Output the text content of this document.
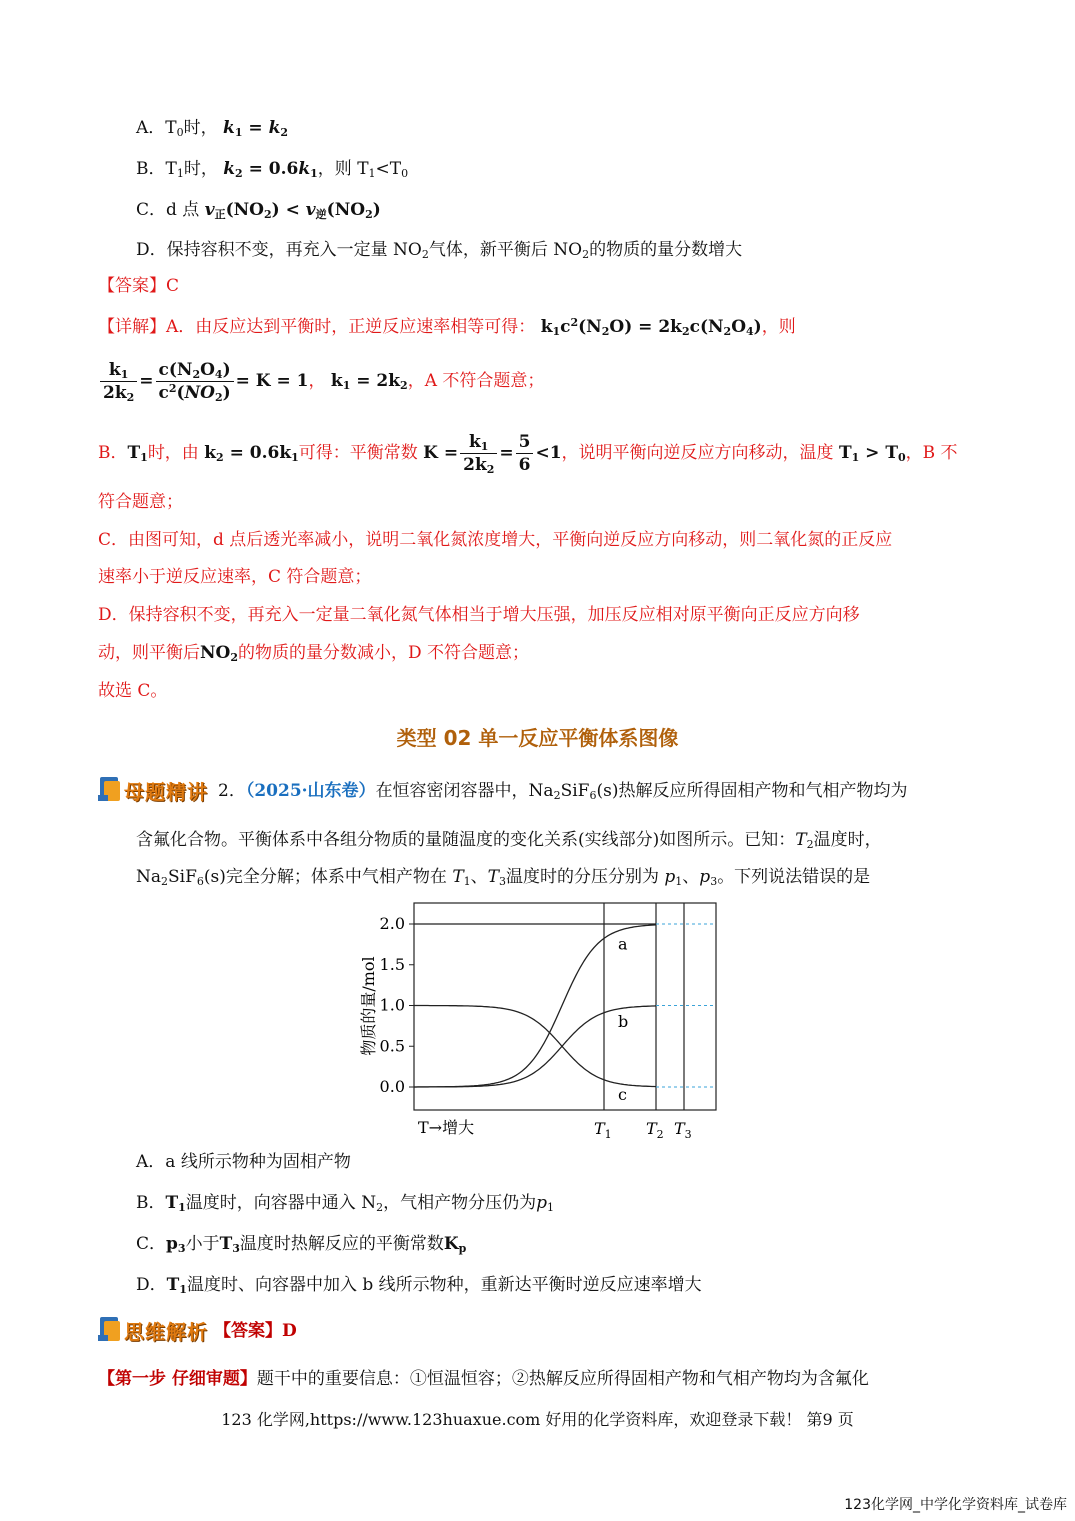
A．$T_0$时， $k_1 = k_2$
B．$T_1$时， $k_2 = 0.6k_1$，则 $T_1<T_0$
C．d 点 $v_正(NO_2) < v_逆(NO_2)$
D．保持容积不变，再充入一定量 $NO_2$气体，新平衡后 $NO_2$的物质的量分数增大
【答案】C
【详解】A．由反应达到平衡时，正逆反应速率相等可得： $k_1c^2(N_2O) = 2k_2c(N_2O_4)$，则
$\frac{k_1}{2k_2} = \frac{c(N_2O_4)}{c^2(NO_2)} = K = 1$， $k_1 = 2k_2$，A 不符合题意；
B．$T_1$时，由 $k_2 = 0.6k_1$可得：平衡常数 $K = \frac{k_1}{2k_2} = \frac{5}{6} <1$，说明平衡向逆反应方向移动，温度 $T_1 > T_0$，B 不
符合题意；
C．由图可知，d 点后透光率减小，说明二氧化氮浓度增大，平衡向逆反应方向移动，则二氧化氮的正反应
速率小于逆反应速率，C 符合题意；
D．保持容积不变，再充入一定量二氧化氮气体相当于增大压强，加压反应相对原平衡向正反应方向移
动，则平衡后$NO_2$的物质的量分数减小，D 不符合题意；
故选 C。
类型 02 单一反应平衡体系图像
母题精讲 2．（2025·山东卷）在恒容密闭容器中，$Na_2SiF_6(s)$热解反应所得固相产物和气相产物均为
含氟化合物。平衡体系中各组分物质的量随温度的变化关系(实线部分)如图所示。已知：$T_2$温度时，
$Na_2SiF_6(s)$完全分解；体系中气相产物在 $T_1$、$T_3$温度时的分压分别为 $p_1$、$p_3$。下列说法错误的是
2.0
1.5
1.0
0.5
0.0
a
b
c
T→增大	$T_1$ $T_2$ $T_3$
物质的量/mol
A．a 线所示物种为固相产物
B．$T_1$温度时，向容器中通入 $N_2$，气相产物分压仍为$p_1$
C．$p_3$小于$T_3$温度时热解反应的平衡常数$K_p$
D．$T_1$温度时、向容器中加入 b 线所示物种，重新达平衡时逆反应速率增大
思维解析 【答案】D
【第一步 仔细审题】题干中的重要信息：①恒温恒容；②热解反应所得固相产物和气相产物均为含氟化
123 化学网,https://www.123huaxue.com 好用的化学资料库，欢迎登录下载！ 第9 页
123化学网_中学化学资料库_试卷库
